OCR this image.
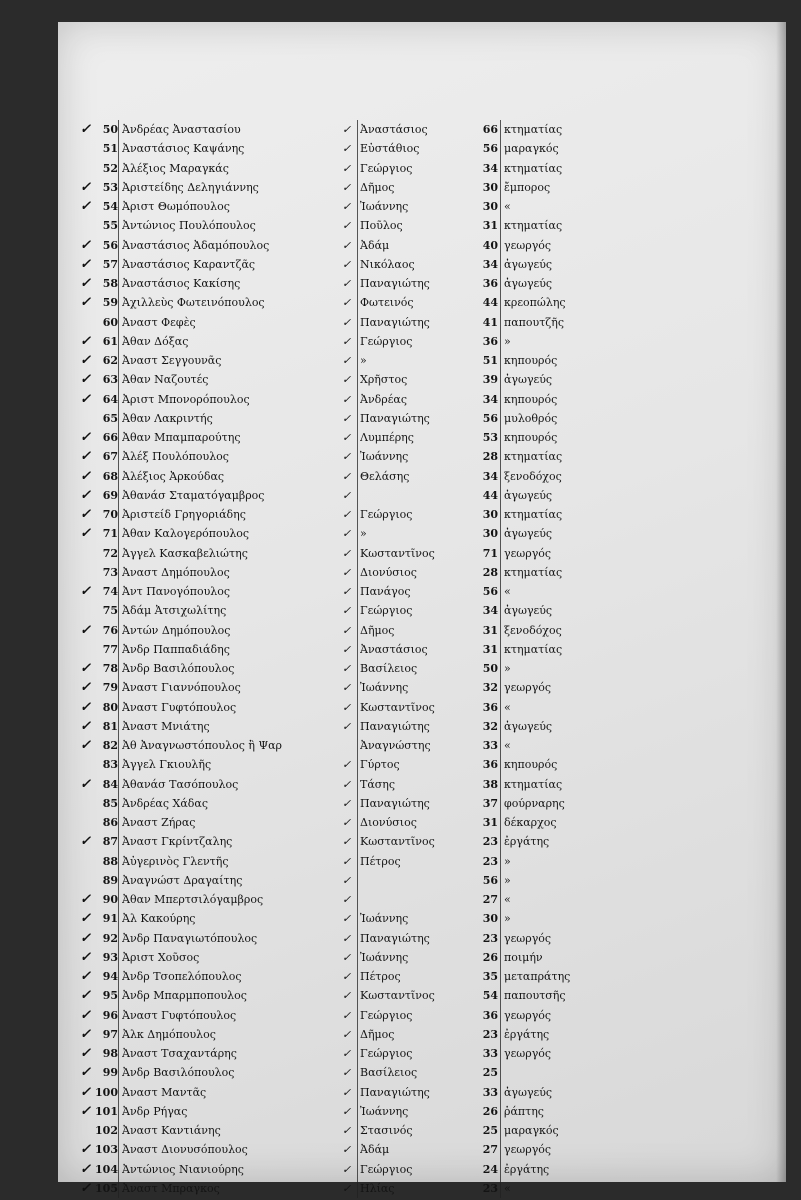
✓	50 Ἀνδρέας Ἀναστασίου	✓ Ἀναστάσιος	66 κτηματίας
51 Ἀναστάσιος Καψάνης	✓ Εὐστάθιος	56 μαραγκός
52 Ἀλέξιος Μαραγκάς	✓ Γεώργιος	34 κτηματίας
✓	53 Ἀριστείδης Δεληγιάννης	✓ Δῆμος	30 ἔμπορος
✓	54 Ἀριστ Θωμόπουλος	✓ Ἰωάννης	30 «
55 Ἀντώνιος Πουλόπουλος	✓ Ποῦλος	31 κτηματίας
✓	56 Ἀναστάσιος Ἀδαμόπουλος	✓ Ἀδάμ	40 γεωργός
✓	57 Ἀναστάσιος Καραντζᾶς	✓ Νικόλαος	34 ἀγωγεύς
✓	58 Ἀναστάσιος Κακίσης	✓ Παναγιώτης	36 ἀγωγεύς
✓	59 Ἀχιλλεὺς Φωτεινόπουλος	✓ Φωτεινός	44 κρεοπώλης
60 Ἀναστ Φεφὲς	✓ Παναγιώτης	41 παπουτζῆς
✓	61 Ἀθαν Δόξας	✓ Γεώργιος	36 »
✓	62 Ἀναστ Σεγγουνᾶς	✓ »	51 κηπουρός
✓	63 Ἀθαν Ναζουτές	✓ Χρῆστος	39 ἀγωγεύς
✓	64 Ἀριστ Μπονορόπουλος	✓ Ἀνδρέας	34 κηπουρός
65 Ἀθαν Λακριντής	✓ Παναγιώτης	56 μυλοθρός
✓	66 Ἀθαν Μπαμπαρούτης	✓ Λυμπέρης	53 κηπουρός
✓	67 Ἀλέξ Πουλόπουλος	✓ Ἰωάννης	28 κτηματίας
✓	68 Ἀλέξιος Ἀρκούδας	✓ Θελάσης	34 ξενοδόχος
✓	69 Ἀθανάσ Σταματόγαμβρος	✓	44 ἀγωγεύς
✓	70 Ἀριστείδ Γρηγοριάδης	✓ Γεώργιος	30 κτηματίας
✓	71 Ἀθαν Καλογερόπουλος	✓ »	30 ἀγωγεύς
72 Ἀγγελ Κασκαβελιώτης	✓ Κωσταντῖνος	71 γεωργός
73 Ἀναστ Δημόπουλος	✓ Διονύσιος	28 κτηματίας
✓	74 Ἀντ Πανογόπουλος	✓ Πανάγος	56 «
75 Ἀδάμ Ἀτσιχωλίτης	✓ Γεώργιος	34 ἀγωγεύς
✓	76 Ἀντών Δημόπουλος	✓ Δῆμος	31 ξενοδόχος
77 Ἀνδρ Παππαδιάδης	✓ Ἀναστάσιος	31 κτηματίας
✓	78 Ἀνδρ Βασιλόπουλος	✓ Βασίλειος	50 »
✓	79 Ἀναστ Γιαννόπουλος	✓ Ἰωάννης	32 γεωργός
✓	80 Ἀναστ Γυφτόπουλος	✓ Κωσταντῖνος	36 «
✓	81 Ἀναστ Μνιάτης	✓ Παναγιώτης	32 ἀγωγεύς
✓	82 Ἀθ Ἀναγνωστόπουλος ἢ Ψαρ	Ἀναγνώστης	33 «
83 Ἀγγελ Γκιουλῆς	✓ Γύρτος	36 κηπουρός
✓	84 Ἀθανάσ Τασόπουλος	✓ Τάσης	38 κτηματίας
85 Ἀνδρέας Χάδας	✓ Παναγιώτης	37 φούρναρης
86 Ἀναστ Ζήρας	✓ Διονύσιος	31 δέκαρχος
✓	87 Ἀναστ Γκρίντζαλης	✓ Κωσταντῖνος	23 ἐργάτης
88 Ἀὐγερινὸς Γλεντῆς	✓ Πέτρος	23 »
89 Ἀναγνώστ Δραγαίτης	✓	56 »
✓	90 Ἀθαν Μπερτσιλόγαμβρος	✓	27 «
✓	91 Ἀλ Κακούρης	✓ Ἰωάννης	30 »
✓	92 Ἀνδρ Παναγιωτόπουλος	✓ Παναγιώτης	23 γεωργός
✓	93 Ἀριστ Χοῦσος	✓ Ἰωάννης	26 ποιμήν
✓	94 Ἀνδρ Τσοπελόπουλος	✓ Πέτρος	35 μεταπράτης
✓	95 Ἀνδρ Μπαρμποπουλος	✓ Κωσταντῖνος	54 παπουτσῆς
✓	96 Ἀναστ Γυφτόπουλος	✓ Γεώργιος	36 γεωργός
✓	97 Ἀλκ Δημόπουλος	✓ Δῆμος	23 ἐργάτης
✓	98 Ἀναστ Τσαχαντάρης	✓ Γεώργιος	33 γεωργός
✓	99 Ἀνδρ Βασιλόπουλος	✓ Βασίλειος	25
✓ 100 Ἀναστ Μαντᾶς	✓ Παναγιώτης	33 ἀγωγεύς
✓ 101 Ἀνδρ Ρήγας	✓ Ἰωάννης	26 ῥάπτης
102 Ἀναστ Καντιάνης	✓ Στασινός	25 μαραγκός
✓ 103 Ἀναστ Διονυσόπουλος	✓ Ἀδάμ	27 γεωργός
✓ 104 Ἀντώνιος Νιανιούρης	✓ Γεώργιος	24 ἐργάτης
✓ 105 Ἀναστ Μπραγκος	✓ Ηλίας	23 «
